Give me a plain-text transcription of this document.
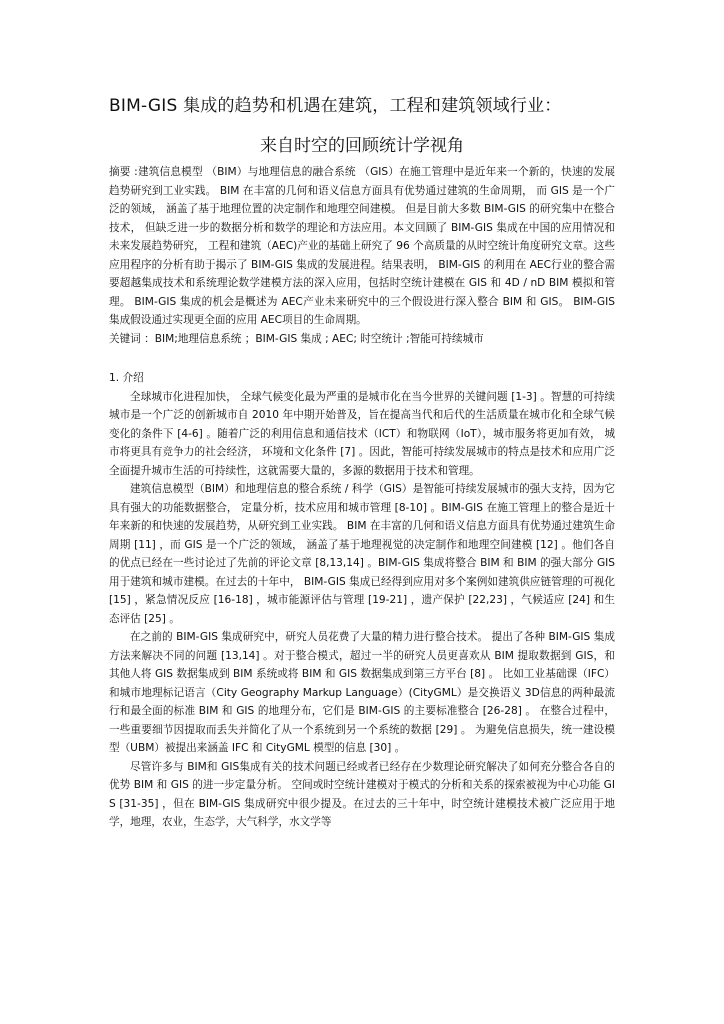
BIM-GIS 集成的趋势和机遇在建筑，工程和建筑领域行业：
来自时空的回顾统计学视角

摘要 :建筑信息模型 （BIM）与地理信息的融合系统 （GIS）在施工管理中是近年来一个新的，快速的发展趋势研究到工业实践。 BIM 在丰富的几何和语义信息方面具有优势通过建筑的生命周期， 而 GIS 是一个广泛的领域， 涵盖了基于地理位置的决定制作和地理空间建模。 但是目前大多数 BIM-GIS 的研究集中在整合技术， 但缺乏进一步的数据分析和数学的理论和方法应用。本文回顾了 BIM-GIS 集成在中国的应用情况和未来发展趋势研究， 工程和建筑（AEC)产业的基础上研究了 96 个高质量的从时空统计角度研究文章。这些应用程序的分析有助于揭示了 BIM-GIS 集成的发展进程。结果表明， BIM-GIS 的利用在 AEC行业的整合需要超越集成技术和系统理论数学建模方法的深入应用，包括时空统计建模在 GIS 和 4D / nD BIM 模拟和管理。 BIM-GIS 集成的机会是概述为 AEC产业未来研究中的三个假设进行深入整合 BIM 和 GIS。 BIM-GIS 集成假设通过实现更全面的应用 AEC项目的生命周期。

关键词 ：BIM;地理信息系统 ；BIM-GIS 集成 ; AEC; 时空统计 ;智能可持续城市

1. 介绍

全球城市化进程加快， 全球气候变化最为严重的是城市化在当今世界的关键问题 [1-3] 。智慧的可持续城市是一个广泛的创新城市自 2010 年中期开始普及，旨在提高当代和后代的生活质量在城市化和全球气候变化的条件下 [4-6] 。随着广泛的利用信息和通信技术（ICT）和物联网（IoT），城市服务将更加有效， 城市将更具有竞争力的社会经济， 环境和文化条件 [7] 。因此，智能可持续发展城市的特点是技术和应用广泛全面提升城市生活的可持续性，这就需要大量的，多源的数据用于技术和管理。

建筑信息模型（BIM）和地理信息的整合系统 / 科学（GIS）是智能可持续发展城市的强大支持，因为它具有强大的功能数据整合， 定量分析，技术应用和城市管理 [8-10] 。BIM-GIS 在施工管理上的整合是近十年来新的和快速的发展趋势，从研究到工业实践。 BIM 在丰富的几何和语义信息方面具有优势通过建筑生命周期 [11] ，而 GIS 是一个广泛的领域， 涵盖了基于地理视觉的决定制作和地理空间建模 [12] 。他们各自的优点已经在一些讨论过了先前的评论文章 [8,13,14] 。BIM-GIS 集成将整合 BIM 和 BIM 的强大部分 GIS 用于建筑和城市建模。在过去的十年中， BIM-GIS 集成已经得到应用对多个案例如建筑供应链管理的可视化 [15] ，紧急情况反应 [16-18] ，城市能源评估与管理 [19-21] ，遗产保护 [22,23] ，气候适应 [24] 和生态评估 [25] 。

在之前的 BIM-GIS 集成研究中，研究人员花费了大量的精力进行整合技术。 提出了各种 BIM-GIS 集成方法来解决不同的问题 [13,14] 。对于整合模式，超过一半的研究人员更喜欢从 BIM 提取数据到 GIS，和其他人将 GIS 数据集成到 BIM 系统或将 BIM 和 GIS 数据集成到第三方平台 [8] 。 比如工业基础课（IFC）和城市地理标记语言（City Geography Markup Language）(CityGML）是交换语义 3D信息的两种最流行和最全面的标准 BIM 和 GIS 的地理分布，它们是 BIM-GIS 的主要标准整合 [26-28] 。 在整合过程中， 一些重要细节因提取而丢失并简化了从一个系统到另一个系统的数据 [29] 。 为避免信息损失，统一建设模型（UBM）被提出来涵盖 IFC 和 CityGML 模型的信息 [30] 。

尽管许多与 BIM和 GIS集成有关的技术问题已经或者已经存在少数理论研究解决了如何充分整合各自的优势 BIM 和 GIS 的进一步定量分析。 空间或时空统计建模对于模式的分析和关系的探索被视为中心功能 GIS [31-35] ，但在 BIM-GIS 集成研究中很少提及。在过去的三十年中，时空统计建模技术被广泛应用于地学，地理，农业，生态学，大气科学，水文学等
